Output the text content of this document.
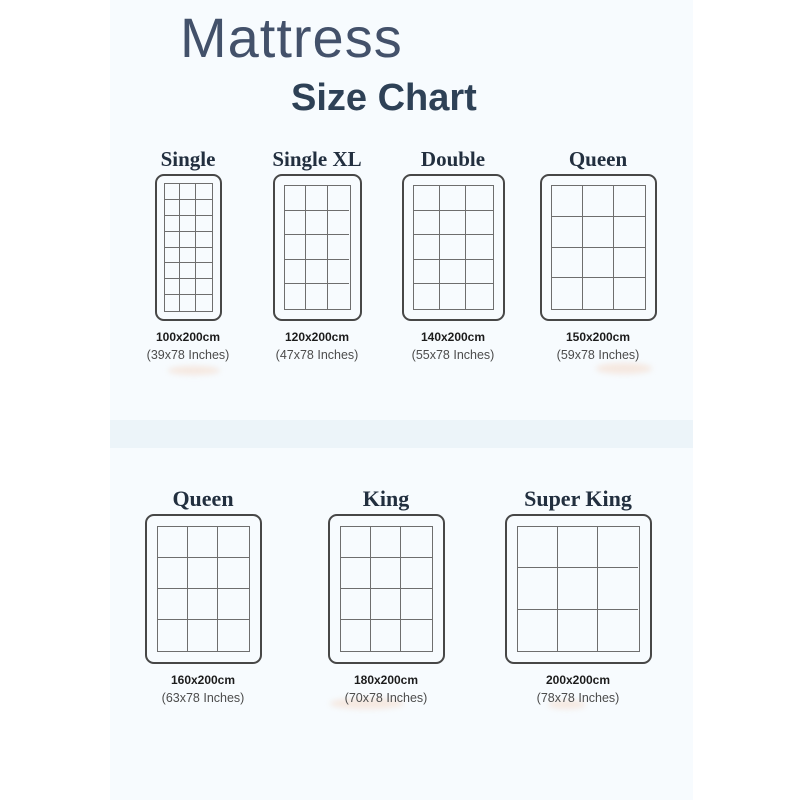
Mattress
Size Chart
Single
100x200cm
(39x78 Inches)
Single XL
120x200cm
(47x78 Inches)
Double
140x200cm
(55x78 Inches)
Queen
150x200cm
(59x78 Inches)
Queen
160x200cm
(63x78 Inches)
King
180x200cm
(70x78 Inches)
Super King
200x200cm
(78x78 Inches)
